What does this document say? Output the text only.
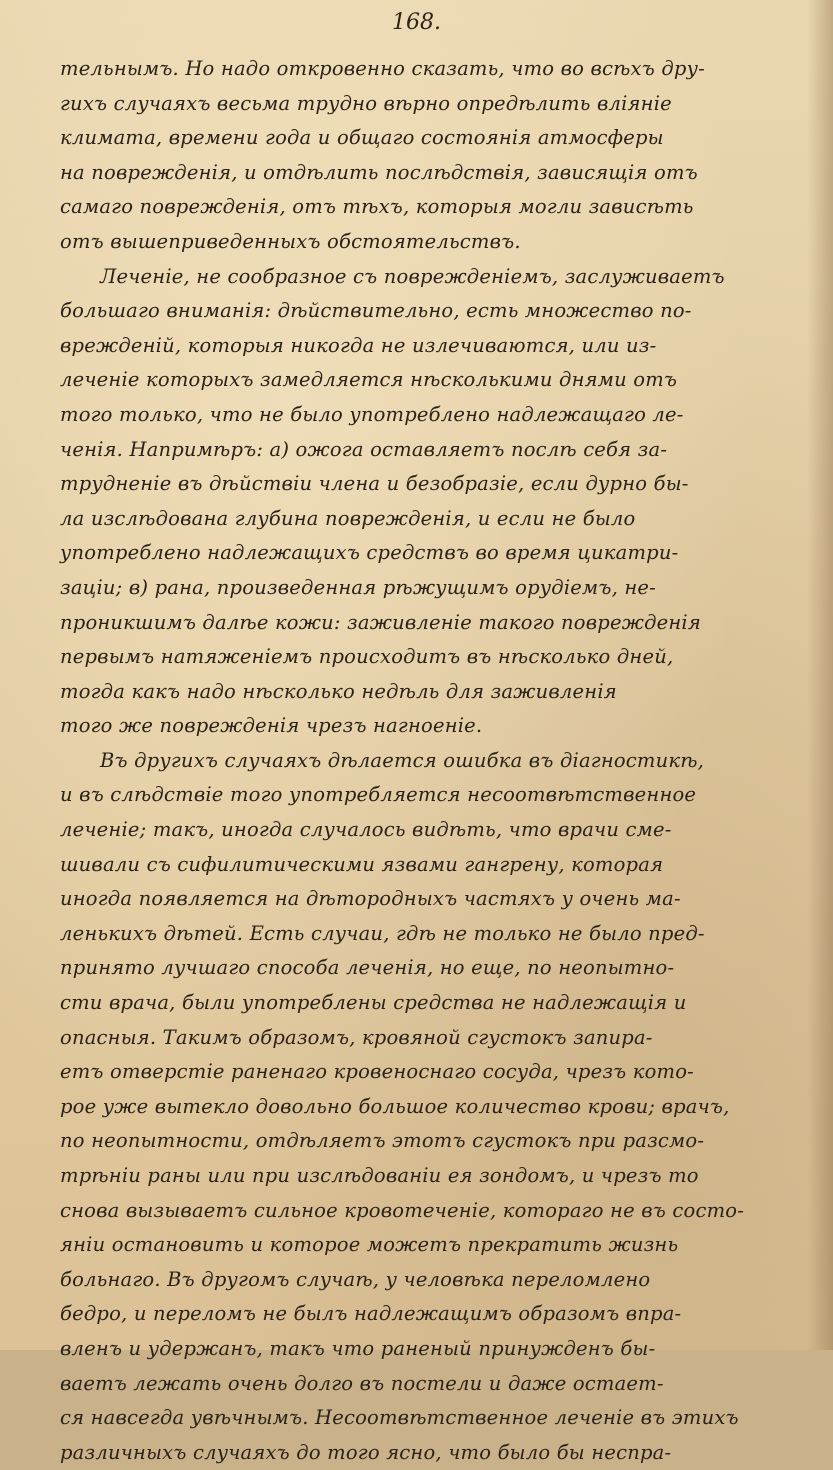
168.
тельнымъ. Но надо откровенно сказать, что во всѣхъ дру-
гихъ случаяхъ весьма трудно вѣрно опредѣлить вліяніе
климата, времени года и общаго состоянія атмосферы
на поврежденія, и отдѣлить послѣдствія, зависящія отъ
самаго поврежденія, отъ тѣхъ, которыя могли зависѣть
отъ вышеприведенныхъ обстоятельствъ.
Леченіе, не сообразное съ поврежденіемъ, заслуживаетъ
большаго вниманія: дѣйствительно, есть множество по-
врежденій, которыя никогда не излечиваются, или из-
леченіе которыхъ замедляется нѣсколькими днями отъ
того только, что не было употреблено надлежащаго ле-
ченія. Напримѣръ: а) ожога оставляетъ послѣ себя за-
трудненіе въ дѣйствіи члена и безобразіе, если дурно бы-
ла изслѣдована глубина поврежденія, и если не было
употреблено надлежащихъ средствъ во время цикатри-
заціи; в) рана, произведенная рѣжущимъ орудіемъ, не-
проникшимъ далѣе кожи: заживленіе такого поврежденія
первымъ натяженіемъ происходитъ въ нѣсколько дней,
тогда какъ надо нѣсколько недѣль для заживленія
того же поврежденія чрезъ нагноеніе.
Въ другихъ случаяхъ дѣлается ошибка въ діагностикѣ,
и въ слѣдствіе того употребляется несоотвѣтственное
леченіе; такъ, иногда случалось видѣть, что врачи сме-
шивали съ сифилитическими язвами гангрену, которая
иногда появляется на дѣтородныхъ частяхъ у очень ма-
ленькихъ дѣтей. Есть случаи, гдѣ не только не было пред-
принято лучшаго способа леченія, но еще, по неопытно-
сти врача, были употреблены средства не надлежащія и
опасныя. Такимъ образомъ, кровяной сгустокъ запира-
етъ отверстіе раненаго кровеноснаго сосуда, чрезъ кото-
рое уже вытекло довольно большое количество крови; врачъ,
по неопытности, отдѣляетъ этотъ сгустокъ при разсмо-
трѣніи раны или при изслѣдованіи ея зондомъ, и чрезъ то
снова вызываетъ сильное кровотеченіе, котораго не въ состо-
яніи остановить и которое можетъ прекратить жизнь
больнаго. Въ другомъ случаѣ, у человѣка переломлено
бедро, и переломъ не былъ надлежащимъ образомъ впра-
вленъ и удержанъ, такъ что раненый принужденъ бы-
ваетъ лежать очень долго въ постели и даже остает-
ся навсегда увѣчнымъ. Несоотвѣтственное леченіе въ этихъ
различныхъ случаяхъ до того ясно, что было бы неспра-
